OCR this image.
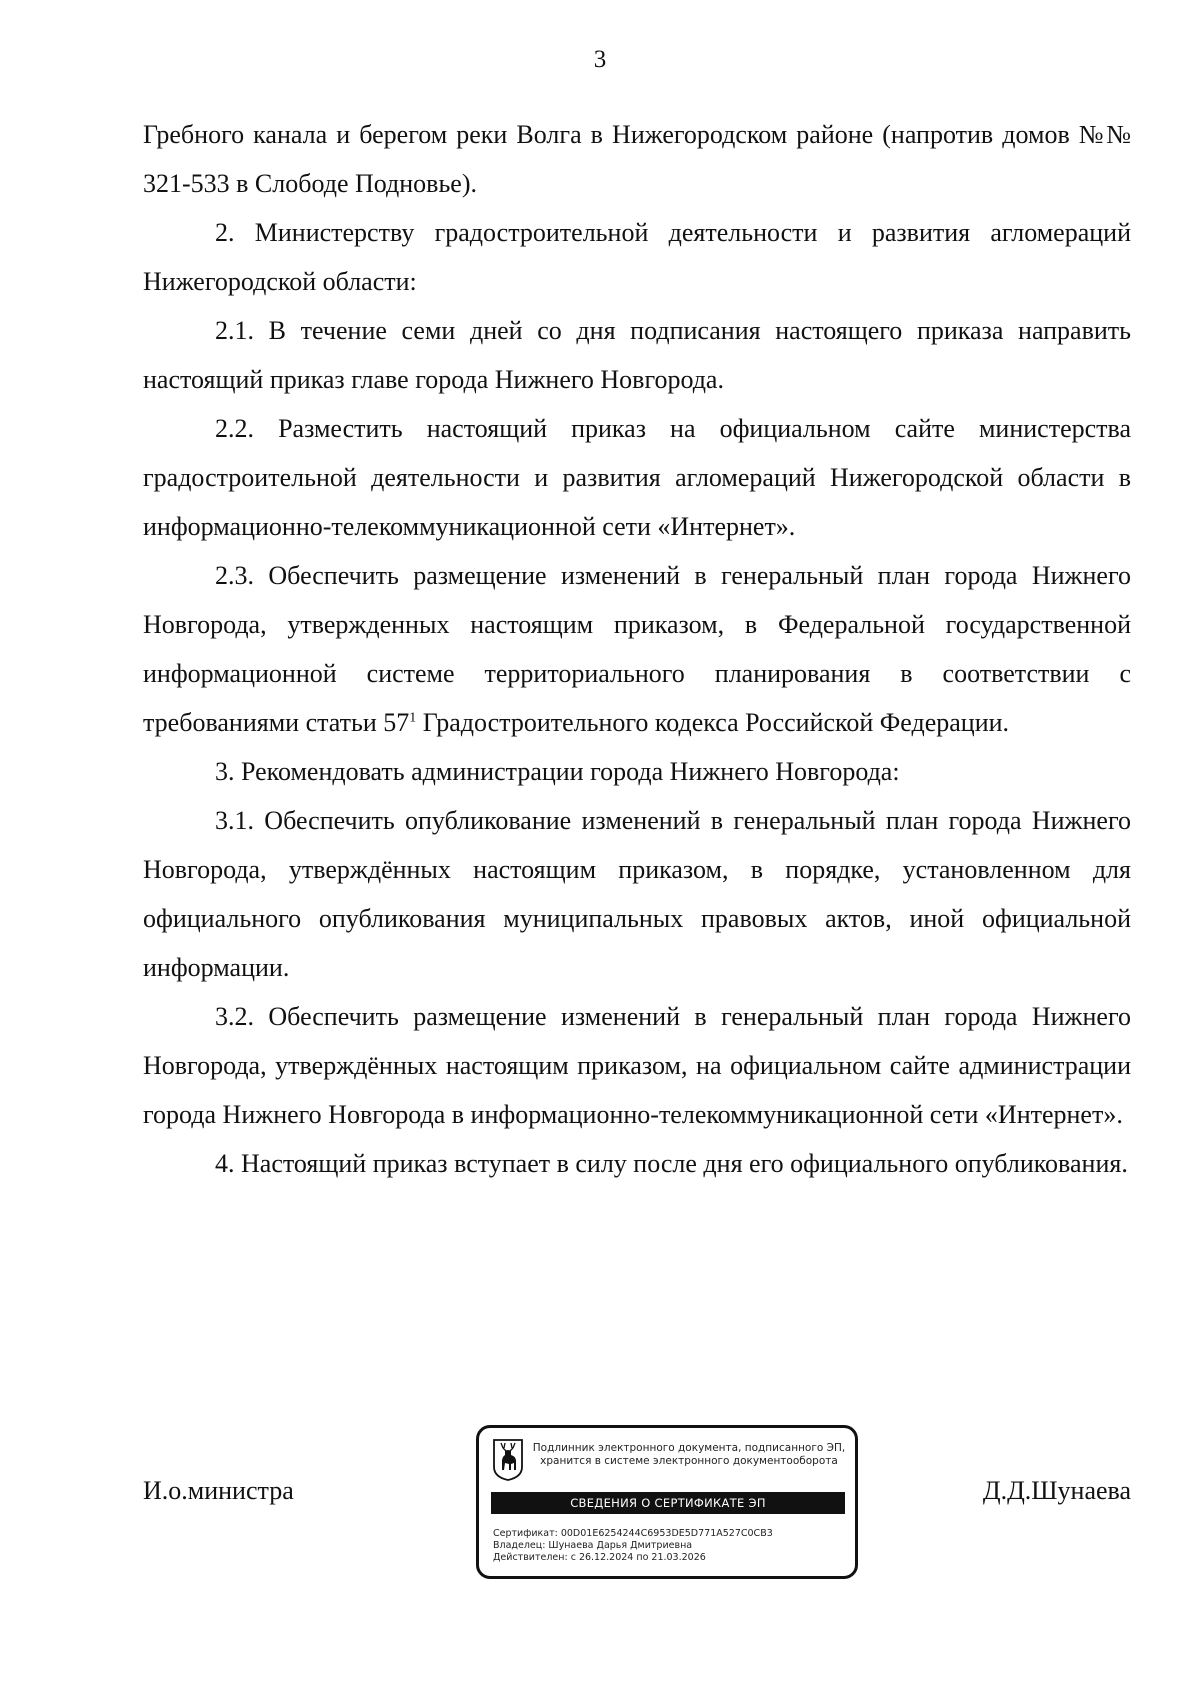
3

Гребного канала и берегом реки Волга в Нижегородском районе (напротив домов №№ 321-533 в Слободе Подновье).

2. Министерству градостроительной деятельности и развития агломераций Нижегородской области:

2.1. В течение семи дней со дня подписания настоящего приказа направить настоящий приказ главе города Нижнего Новгорода.

2.2. Разместить настоящий приказ на официальном сайте министерства градостроительной деятельности и развития агломераций Нижегородской области в информационно-телекоммуникационной сети «Интернет».

2.3. Обеспечить размещение изменений в генеральный план города Нижнего Новгорода, утвержденных настоящим приказом, в Федеральной государственной информационной системе территориального планирования в соответствии с требованиями статьи $57^1$ Градостроительного кодекса Российской Федерации.

3. Рекомендовать администрации города Нижнего Новгорода:

3.1. Обеспечить опубликование изменений в генеральный план города Нижнего Новгорода, утверждённых настоящим приказом, в порядке, установленном для официального опубликования муниципальных правовых актов, иной официальной информации.

3.2. Обеспечить размещение изменений в генеральный план города Нижнего Новгорода, утверждённых настоящим приказом, на официальном сайте администрации города Нижнего Новгорода в информационно-телекоммуникационной сети «Интернет».

4. Настоящий приказ вступает в силу после дня его официального опубликования.

И.о.министра	Д.Д.Шунаева
Подлинник электронного документа, подписанного ЭП,
хранится в системе электронного документооборота
СВЕДЕНИЯ О СЕРТИФИКАТЕ ЭП
Сертификат: 00D01E6254244C6953DE5D771A527C0CB3
Владелец: Шунаева Дарья Дмитриевна
Действителен: с 26.12.2024 по 21.03.2026
